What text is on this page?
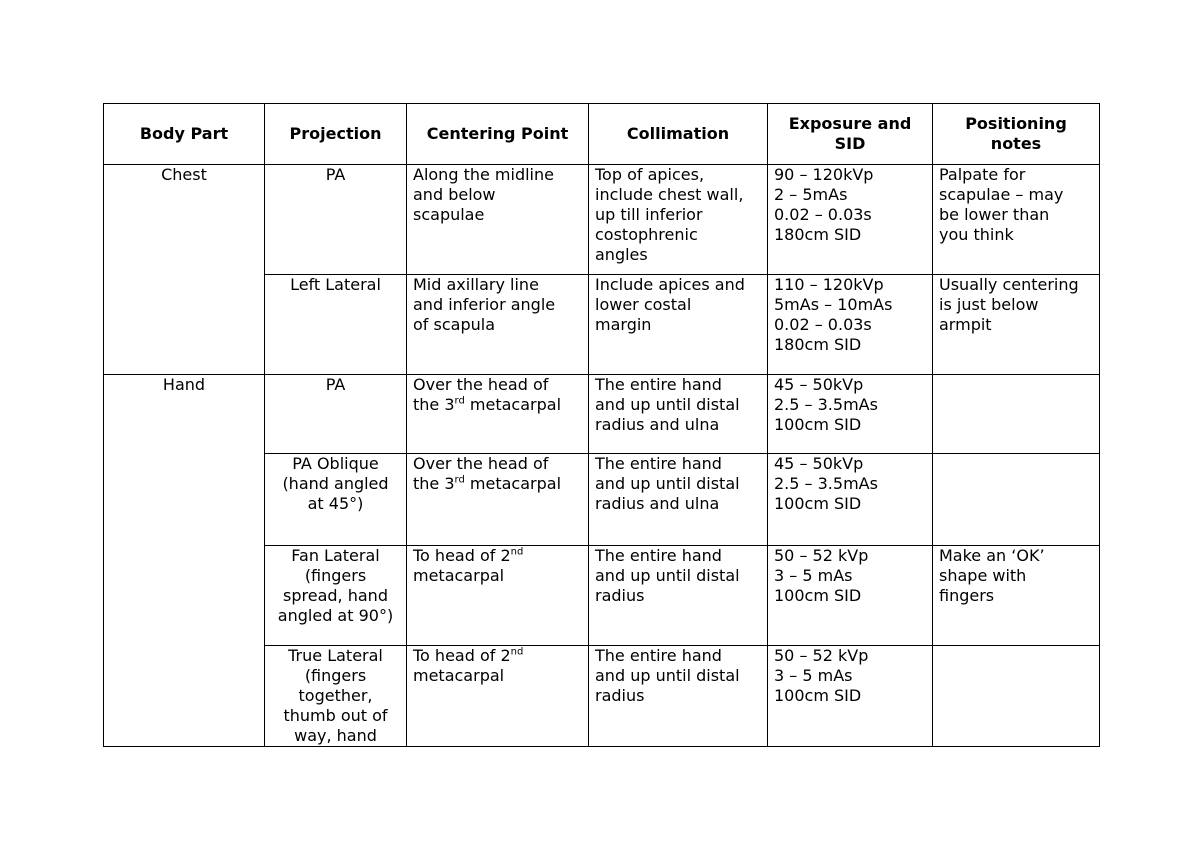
Body Part	Projection	Centering Point	Collimation	Exposure and SID	Positioning notes
Chest	PA	Along the midline
and below
scapulae	Top of apices,
include chest wall,
up till inferior
costophrenic
angles	90 – 120kVp
2 – 5mAs
0.02 – 0.03s
180cm SID	Palpate for
scapulae – may
be lower than
you think

	Left Lateral	Mid axillary line
and inferior angle
of scapula	Include apices and
lower costal
margin	110 – 120kVp
5mAs – 10mAs
0.02 – 0.03s
180cm SID	Usually centering
is just below
armpit

Hand	PA	Over the head of
the 3rd metacarpal	The entire hand
and up until distal
radius and ulna	45 – 50kVp
2.5 – 3.5mAs
100cm SID	

	PA Oblique
(hand angled
at 45°)	Over the head of
the 3rd metacarpal	The entire hand
and up until distal
radius and ulna	45 – 50kVp
2.5 – 3.5mAs
100cm SID	

	Fan Lateral
(fingers
spread, hand
angled at 90°)	To head of 2nd
metacarpal	The entire hand
and up until distal
radius	50 – 52 kVp
3 – 5 mAs
100cm SID	Make an ‘OK’
shape with
fingers

	True Lateral
(fingers
together,
thumb out of
way, hand	To head of 2nd
metacarpal	The entire hand
and up until distal
radius	50 – 52 kVp
3 – 5 mAs
100cm SID	
